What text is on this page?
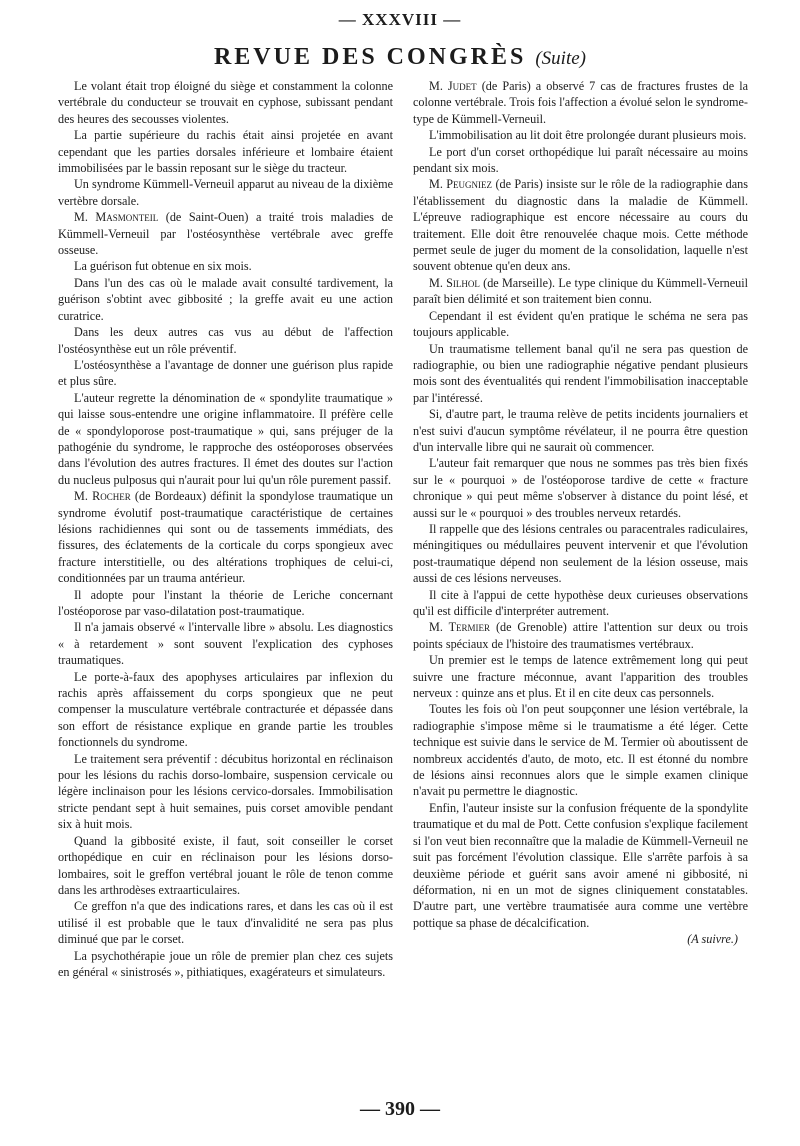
— XXXVIII —
REVUE DES CONGRÈS (Suite)

Le volant était trop éloigné du siège et constamment la colonne vertébrale du conducteur se trouvait en cyphose, subissant pendant des heures des secousses violentes.

La partie supérieure du rachis était ainsi projetée en avant cependant que les parties dorsales inférieure et lombaire étaient immobilisées par le bassin reposant sur le siège du tracteur.

Un syndrome Kümmell-Verneuil apparut au niveau de la dixième vertèbre dorsale.

M. Masmonteil (de Saint-Ouen) a traité trois maladies de Kümmell-Verneuil par l'ostéosynthèse vertébrale avec greffe osseuse.

La guérison fut obtenue en six mois.

Dans l'un des cas où le malade avait consulté tardivement, la guérison s'obtint avec gibbosité ; la greffe avait eu une action curatrice.

Dans les deux autres cas vus au début de l'affection l'ostéosynthèse eut un rôle préventif.

L'ostéosynthèse a l'avantage de donner une guérison plus rapide et plus sûre.

L'auteur regrette la dénomination de « spondylite traumatique » qui laisse sous-entendre une origine inflammatoire. Il préfère celle de « spondyloporose post-traumatique » qui, sans préjuger de la pathogénie du syndrome, le rapproche des ostéoporoses observées dans l'évolution des autres fractures. Il émet des doutes sur l'action du nucleus pulposus qui n'aurait pour lui qu'un rôle purement passif.

M. Rocher (de Bordeaux) définit la spondylose traumatique un syndrome évolutif post-traumatique caractéristique de certaines lésions rachidiennes qui sont ou de tassements immédiats, des fissures, des éclatements de la corticale du corps spongieux avec fracture interstitielle, ou des altérations trophiques de celui-ci, conditionnées par un trauma antérieur.

Il adopte pour l'instant la théorie de Leriche concernant l'ostéoporose par vaso-dilatation post-traumatique.

Il n'a jamais observé « l'intervalle libre » absolu. Les diagnostics « à retardement » sont souvent l'explication des cyphoses traumatiques.

Le porte-à-faux des apophyses articulaires par inflexion du rachis après affaissement du corps spongieux que ne peut compenser la musculature vertébrale contracturée et dépassée dans son effort de résistance explique en grande partie les troubles fonctionnels du syndrome.

Le traitement sera préventif : décubitus horizontal en réclinaison pour les lésions du rachis dorso-lombaire, suspension cervicale ou légère inclinaison pour les lésions cervico-dorsales. Immobilisation stricte pendant sept à huit semaines, puis corset amovible pendant six à huit mois.

Quand la gibbosité existe, il faut, soit conseiller le corset orthopédique en cuir en réclinaison pour les lésions dorso-lombaires, soit le greffon vertébral jouant le rôle de tenon comme dans les arthrodèses extraarticulaires.

Ce greffon n'a que des indications rares, et dans les cas où il est utilisé il est probable que le taux d'invalidité ne sera pas plus diminué que par le corset.

La psychothérapie joue un rôle de premier plan chez ces sujets en général « sinistrosés », pithiatiques, exagérateurs et simulateurs.

M. Judet (de Paris) a observé 7 cas de fractures frustes de la colonne vertébrale. Trois fois l'affection a évolué selon le syndrome-type de Kümmell-Verneuil.

L'immobilisation au lit doit être prolongée durant plusieurs mois.

Le port d'un corset orthopédique lui paraît nécessaire au moins pendant six mois.

M. Peugniez (de Paris) insiste sur le rôle de la radiographie dans l'établissement du diagnostic dans la maladie de Kümmell. L'épreuve radiographique est encore nécessaire au cours du traitement. Elle doit être renouvelée chaque mois. Cette méthode permet seule de juger du moment de la consolidation, laquelle n'est souvent obtenue qu'en deux ans.

M. Silhol (de Marseille). Le type clinique du Kümmell-Verneuil paraît bien délimité et son traitement bien connu.

Cependant il est évident qu'en pratique le schéma ne sera pas toujours applicable.

Un traumatisme tellement banal qu'il ne sera pas question de radiographie, ou bien une radiographie négative pendant plusieurs mois sont des éventualités qui rendent l'immobilisation inacceptable par l'intéressé.

Si, d'autre part, le trauma relève de petits incidents journaliers et n'est suivi d'aucun symptôme révélateur, il ne pourra être question d'un intervalle libre qui ne saurait où commencer.

L'auteur fait remarquer que nous ne sommes pas très bien fixés sur le « pourquoi » de l'ostéoporose tardive de cette « fracture chronique » qui peut même s'observer à distance du point lésé, et aussi sur le « pourquoi » des troubles nerveux retardés.

Il rappelle que des lésions centrales ou paracentrales radiculaires, méningitiques ou médullaires peuvent intervenir et que l'évolution post-traumatique dépend non seulement de la lésion osseuse, mais aussi de ces lésions nerveuses.

Il cite à l'appui de cette hypothèse deux curieuses observations qu'il est difficile d'interpréter autrement.

M. Termier (de Grenoble) attire l'attention sur deux ou trois points spéciaux de l'histoire des traumatismes vertébraux.

Un premier est le temps de latence extrêmement long qui peut suivre une fracture méconnue, avant l'apparition des troubles nerveux : quinze ans et plus. Et il en cite deux cas personnels.

Toutes les fois où l'on peut soupçonner une lésion vertébrale, la radiographie s'impose même si le traumatisme a été léger. Cette technique est suivie dans le service de M. Termier où aboutissent de nombreux accidentés d'auto, de moto, etc. Il est étonné du nombre de lésions ainsi reconnues alors que le simple examen clinique n'avait pu permettre le diagnostic.

Enfin, l'auteur insiste sur la confusion fréquente de la spondylite traumatique et du mal de Pott. Cette confusion s'explique facilement si l'on veut bien reconnaître que la maladie de Kümmell-Verneuil ne suit pas forcément l'évolution classique. Elle s'arrête parfois à sa deuxième période et guérit sans avoir amené ni gibbosité, ni déformation, ni en un mot de signes cliniquement constatables. D'autre part, une vertèbre traumatisée aura comme une vertèbre pottique sa phase de décalcification.

(A suivre.)

— 390 —
